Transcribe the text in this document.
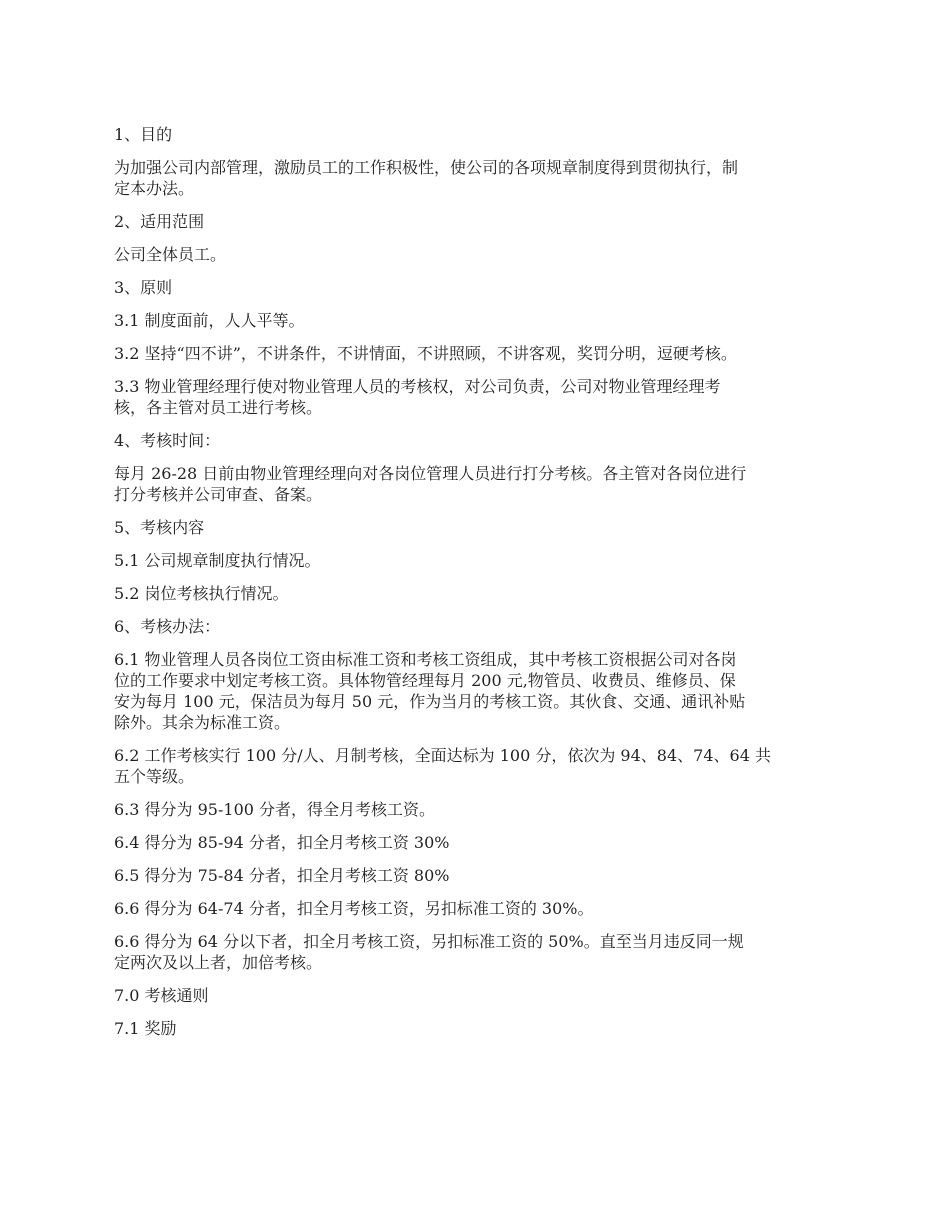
1、目的

为加强公司内部管理，激励员工的工作积极性，使公司的各项规章制度得到贯彻执行，制
定本办法。

2、适用范围

公司全体员工。

3、原则

3.1 制度面前，人人平等。

3.2 坚持“四不讲”，不讲条件，不讲情面，不讲照顾，不讲客观，奖罚分明，逗硬考核。

3.3 物业管理经理行使对物业管理人员的考核权，对公司负责，公司对物业管理经理考
核，各主管对员工进行考核。

4、考核时间：

每月 26-28 日前由物业管理经理向对各岗位管理人员进行打分考核。各主管对各岗位进行
打分考核并公司审查、备案。

5、考核内容

5.1 公司规章制度执行情况。

5.2 岗位考核执行情况。

6、考核办法：

6.1 物业管理人员各岗位工资由标准工资和考核工资组成，其中考核工资根据公司对各岗
位的工作要求中划定考核工资。具体物管经理每月 200 元,物管员、收费员、维修员、保
安为每月 100 元，保洁员为每月 50 元，作为当月的考核工资。其伙食、交通、通讯补贴
除外。其余为标准工资。

6.2 工作考核实行 100 分/人、月制考核，全面达标为 100 分，依次为 94、84、74、64 共
五个等级。

6.3 得分为 95-100 分者，得全月考核工资。

6.4 得分为 85-94 分者，扣全月考核工资 30%

6.5 得分为 75-84 分者，扣全月考核工资 80%

6.6 得分为 64-74 分者，扣全月考核工资，另扣标准工资的 30%。

6.6 得分为 64 分以下者，扣全月考核工资，另扣标准工资的 50%。直至当月违反同一规
定两次及以上者，加倍考核。

7.0 考核通则

7.1 奖励
